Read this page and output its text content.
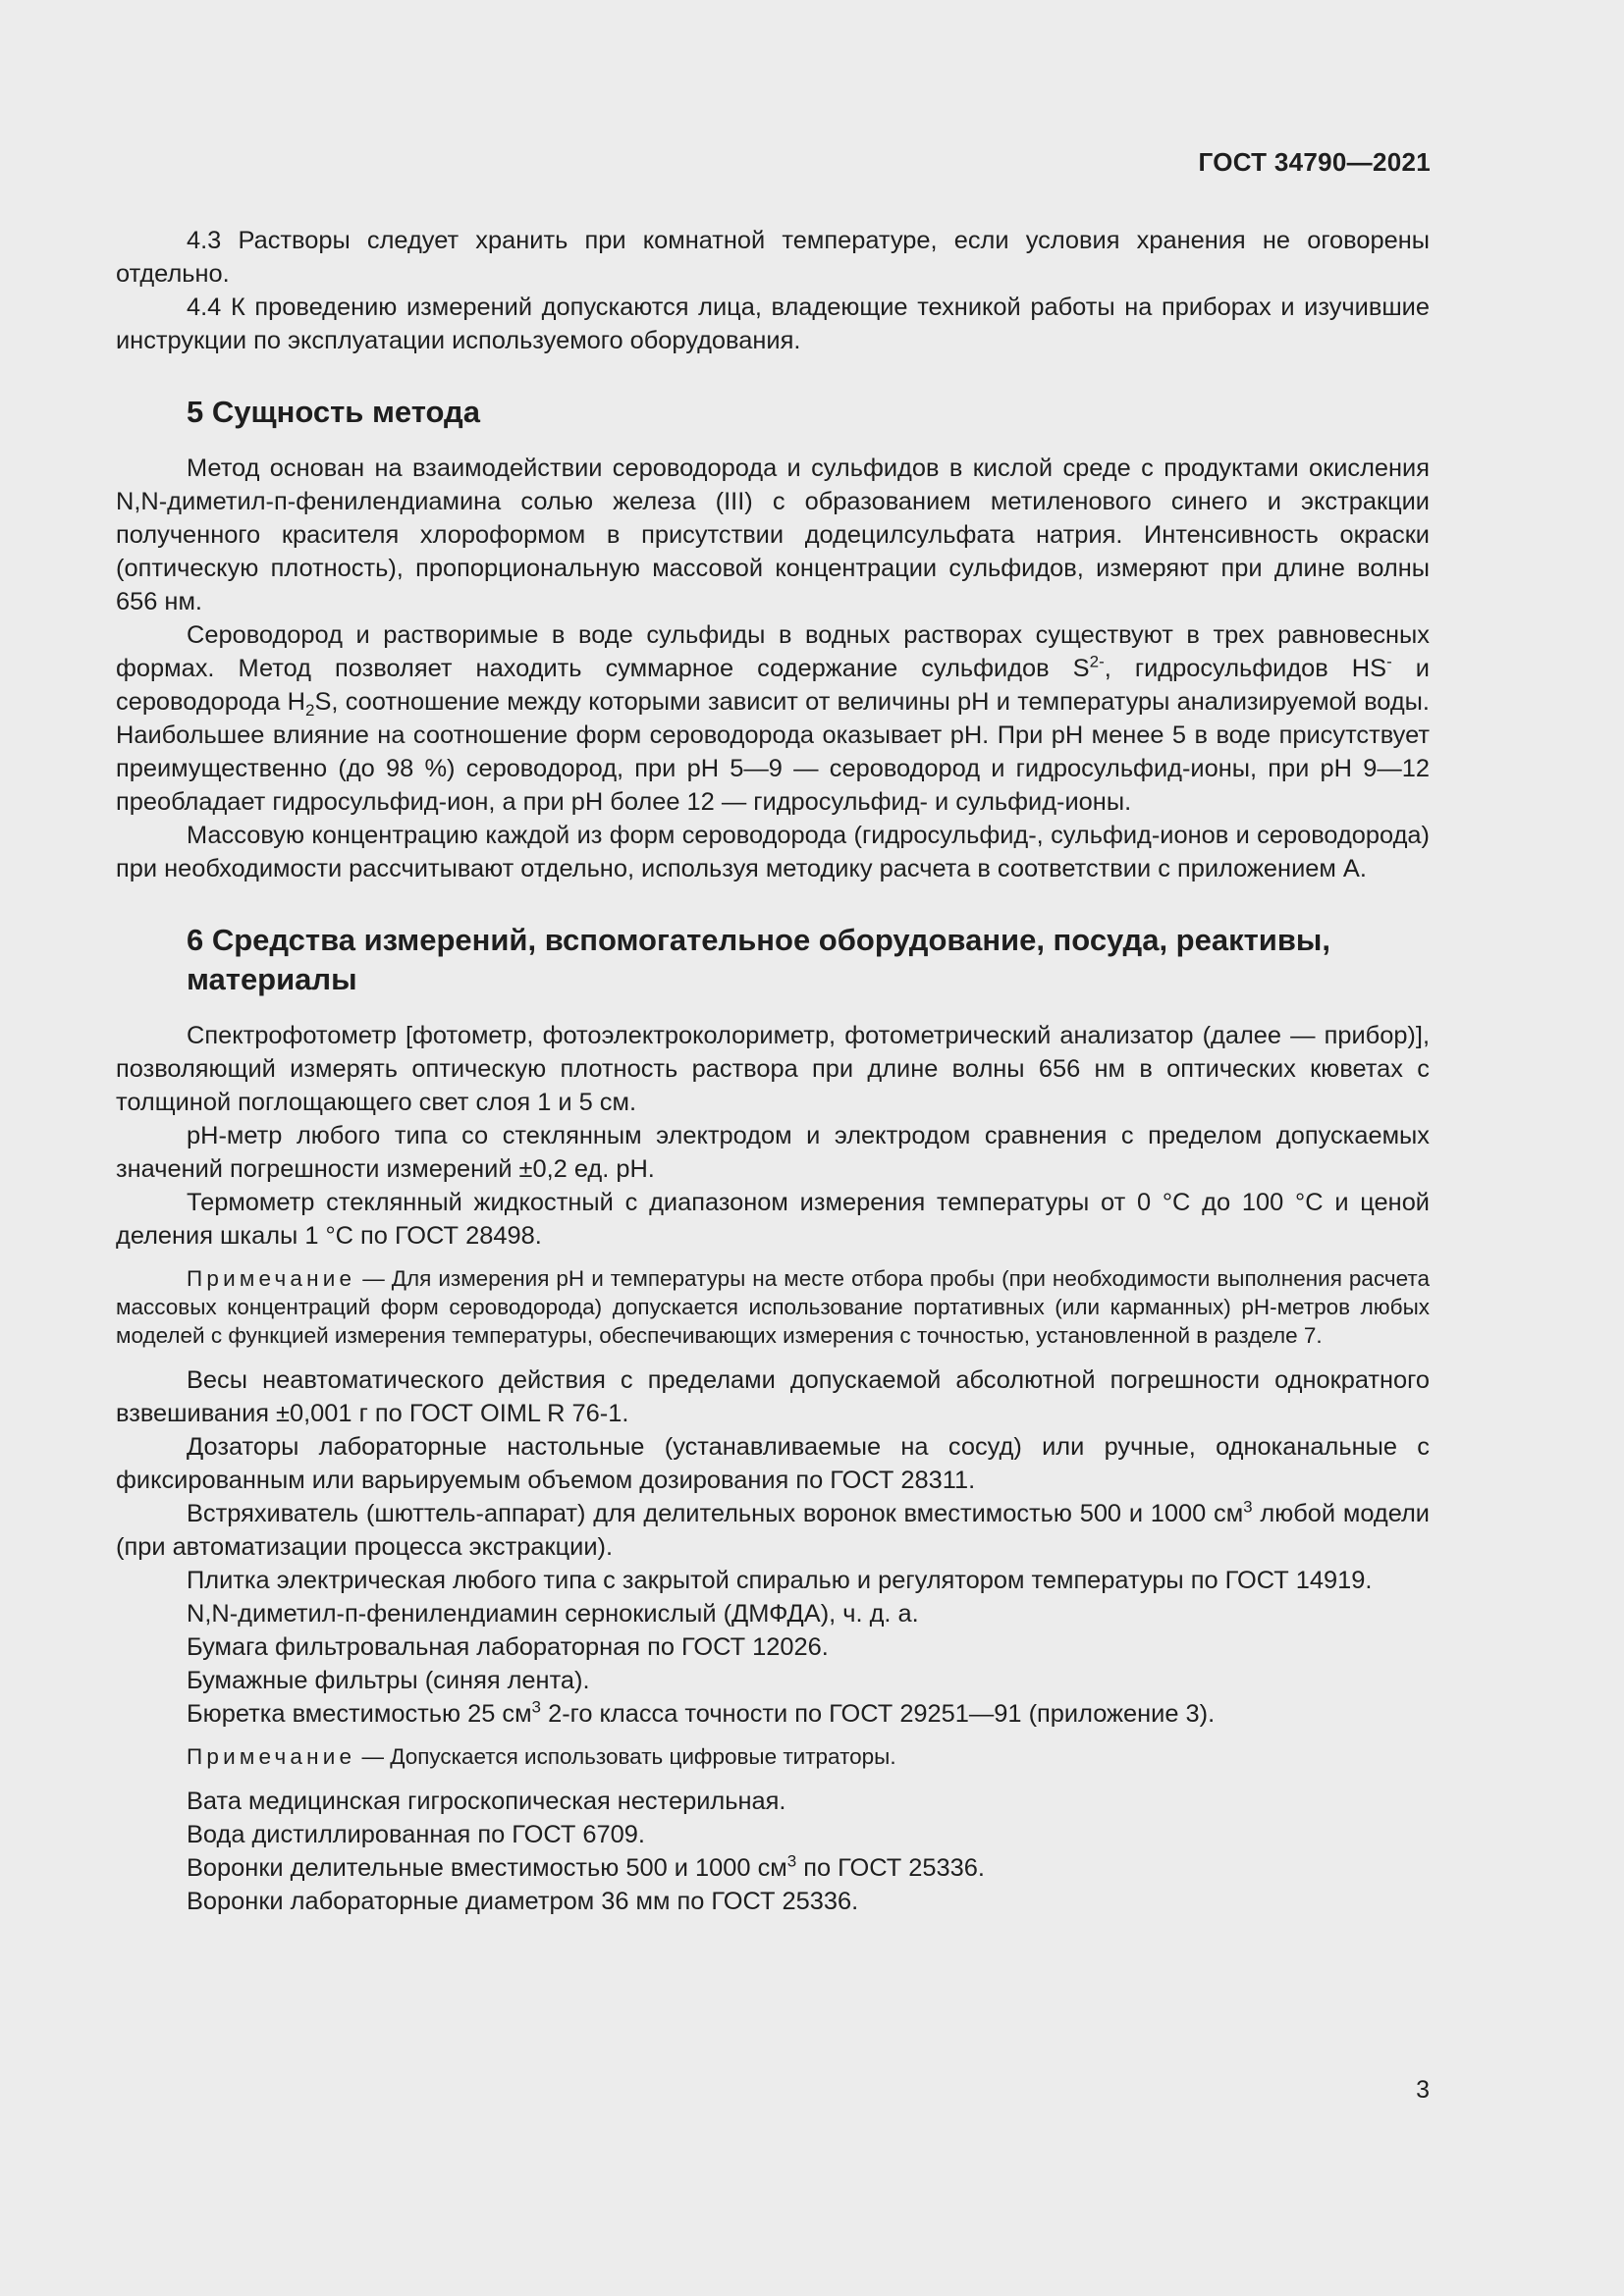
ГОСТ 34790—2021

4.3 Растворы следует хранить при комнатной температуре, если условия хранения не оговорены отдельно.

4.4 К проведению измерений допускаются лица, владеющие техникой работы на приборах и изучившие инструкции по эксплуатации используемого оборудования.

5 Сущность метода

Метод основан на взаимодействии сероводорода и сульфидов в кислой среде с продуктами окисления N,N-диметил-п-фенилендиамина солью железа (III) с образованием метиленового синего и экстракции полученного красителя хлороформом в присутствии додецилсульфата натрия. Интенсивность окраски (оптическую плотность), пропорциональную массовой концентрации сульфидов, измеряют при длине волны 656 нм.

Сероводород и растворимые в воде сульфиды в водных растворах существуют в трех равновесных формах. Метод позволяет находить суммарное содержание сульфидов $S^{2-}$, гидросульфидов HS- и сероводорода $H_2S$, соотношение между которыми зависит от величины pH и температуры анализируемой воды. Наибольшее влияние на соотношение форм сероводорода оказывает pH. При pH менее 5 в воде присутствует преимущественно (до 98 %) сероводород, при pH 5—9 — сероводород и гидросульфид-ионы, при pH 9—12 преобладает гидросульфид-ион, а при pH более 12 — гидросульфид- и сульфид-ионы.

Массовую концентрацию каждой из форм сероводорода (гидросульфид-, сульфид-ионов и сероводорода) при необходимости рассчитывают отдельно, используя методику расчета в соответствии с приложением А.

6 Средства измерений, вспомогательное оборудование, посуда, реактивы,
материалы

Спектрофотометр [фотометр, фотоэлектроколориметр, фотометрический анализатор (далее — прибор)], позволяющий измерять оптическую плотность раствора при длине волны 656 нм в оптических кюветах с толщиной поглощающего свет слоя 1 и 5 см.

pH-метр любого типа со стеклянным электродом и электродом сравнения с пределом допускаемых значений погрешности измерений ±0,2 ед. pH.

Термометр стеклянный жидкостный с диапазоном измерения температуры от 0 °С до 100 °С и ценой деления шкалы 1 °С по ГОСТ 28498.

Примечание — Для измерения pH и температуры на месте отбора пробы (при необходимости выполнения расчета массовых концентраций форм сероводорода) допускается использование портативных (или карманных) pH-метров любых моделей с функцией измерения температуры, обеспечивающих измерения с точностью, установленной в разделе 7.

Весы неавтоматического действия с пределами допускаемой абсолютной погрешности однократного взвешивания ±0,001 г по ГОСТ OIML R 76-1.

Дозаторы лабораторные настольные (устанавливаемые на сосуд) или ручные, одноканальные с фиксированным или варьируемым объемом дозирования по ГОСТ 28311.

Встряхиватель (шюттель-аппарат) для делительных воронок вместимостью 500 и 1000 $см^3$ любой модели (при автоматизации процесса экстракции).

Плитка электрическая любого типа с закрытой спиралью и регулятором температуры по ГОСТ 14919.

N,N-диметил-п-фенилендиамин сернокислый (ДМФДА), ч. д. а.
Бумага фильтровальная лабораторная по ГОСТ 12026.
Бумажные фильтры (синяя лента).
Бюретка вместимостью 25 $см^3$ 2-го класса точности по ГОСТ 29251—91 (приложение 3).

Примечание — Допускается использовать цифровые титраторы.

Вата медицинская гигроскопическая нестерильная.
Вода дистиллированная по ГОСТ 6709.
Воронки делительные вместимостью 500 и 1000 $см^3$ по ГОСТ 25336.
Воронки лабораторные диаметром 36 мм по ГОСТ 25336.
3
